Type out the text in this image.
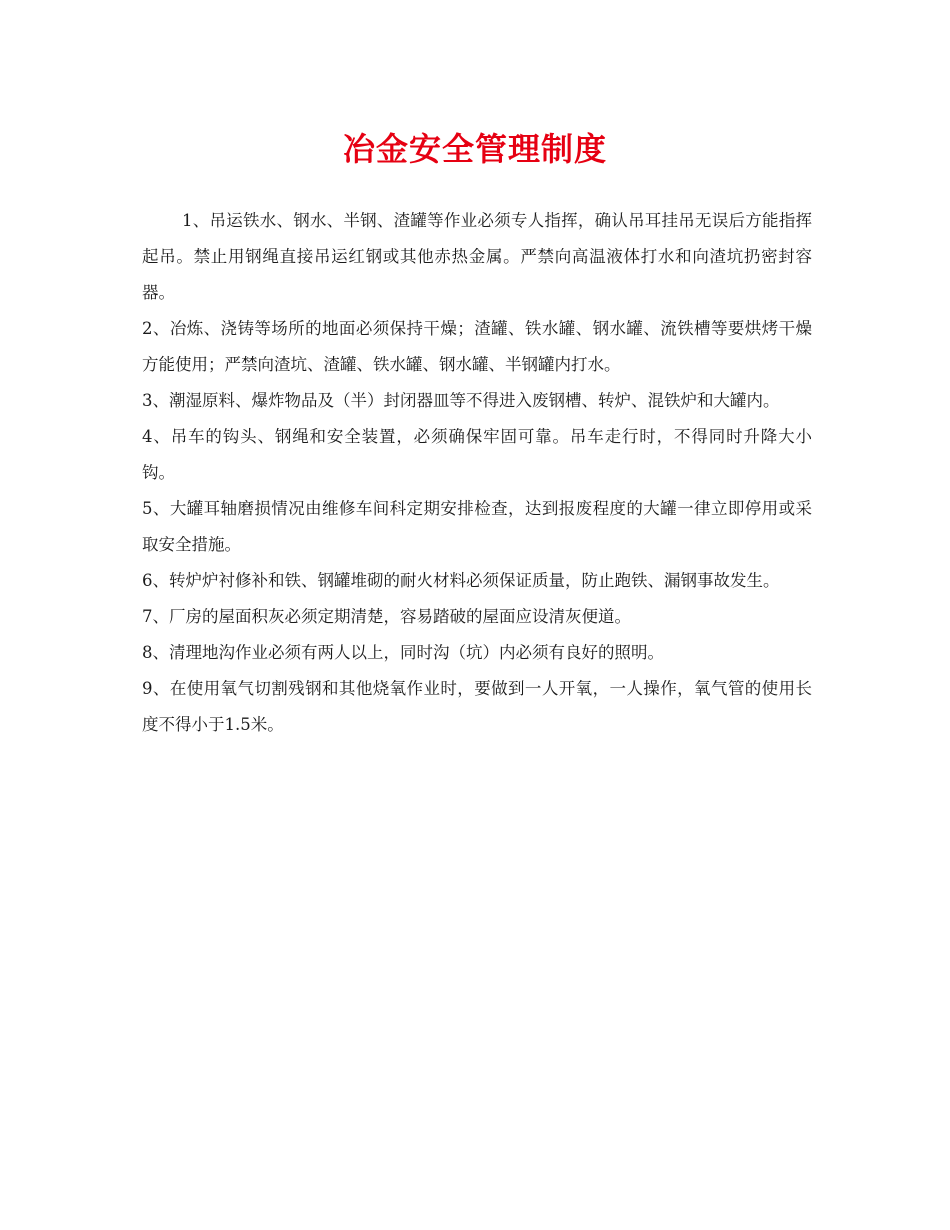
冶金安全管理制度

1、吊运铁水、钢水、半钢、渣罐等作业必须专人指挥，确认吊耳挂吊无误后方能指挥起吊。禁止用钢绳直接吊运红钢或其他赤热金属。严禁向高温液体打水和向渣坑扔密封容器。

2、冶炼、浇铸等场所的地面必须保持干燥；渣罐、铁水罐、钢水罐、流铁槽等要烘烤干燥方能使用；严禁向渣坑、渣罐、铁水罐、钢水罐、半钢罐内打水。

3、潮湿原料、爆炸物品及（半）封闭器皿等不得进入废钢槽、转炉、混铁炉和大罐内。

4、吊车的钩头、钢绳和安全装置，必须确保牢固可靠。吊车走行时，不得同时升降大小钩。

5、大罐耳轴磨损情况由维修车间科定期安排检查，达到报废程度的大罐一律立即停用或采取安全措施。

6、转炉炉衬修补和铁、钢罐堆砌的耐火材料必须保证质量，防止跑铁、漏钢事故发生。

7、厂房的屋面积灰必须定期清楚，容易踏破的屋面应设清灰便道。

8、清理地沟作业必须有两人以上，同时沟（坑）内必须有良好的照明。

9、在使用氧气切割残钢和其他烧氧作业时，要做到一人开氧，一人操作，氧气管的使用长度不得小于1.5米。
